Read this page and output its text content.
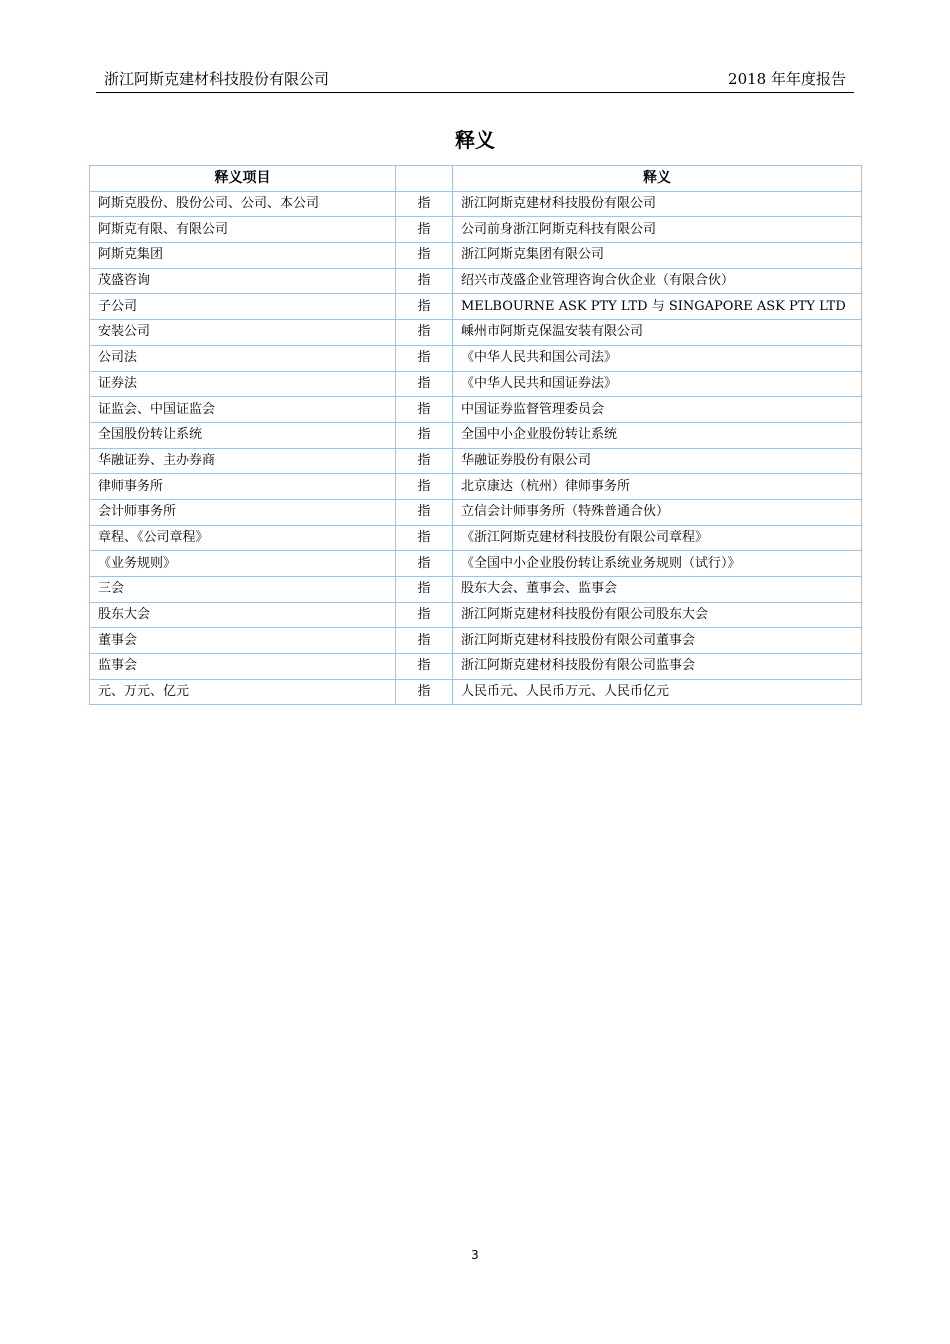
浙江阿斯克建材科技股份有限公司	2018 年年度报告
释义
释义项目		释义
阿斯克股份、股份公司、公司、本公司	指	浙江阿斯克建材科技股份有限公司
阿斯克有限、有限公司	指	公司前身浙江阿斯克科技有限公司
阿斯克集团	指	浙江阿斯克集团有限公司
茂盛咨询	指	绍兴市茂盛企业管理咨询合伙企业（有限合伙）
子公司	指	MELBOURNE ASK PTY LTD 与 SINGAPORE ASK PTY LTD
安装公司	指	嵊州市阿斯克保温安装有限公司
公司法	指	《中华人民共和国公司法》
证券法	指	《中华人民共和国证券法》
证监会、中国证监会	指	中国证券监督管理委员会
全国股份转让系统	指	全国中小企业股份转让系统
华融证券、主办券商	指	华融证券股份有限公司
律师事务所	指	北京康达（杭州）律师事务所
会计师事务所	指	立信会计师事务所（特殊普通合伙）
章程、《公司章程》	指	《浙江阿斯克建材科技股份有限公司章程》
《业务规则》	指	《全国中小企业股份转让系统业务规则（试行）》
三会	指	股东大会、董事会、监事会
股东大会	指	浙江阿斯克建材科技股份有限公司股东大会
董事会	指	浙江阿斯克建材科技股份有限公司董事会
监事会	指	浙江阿斯克建材科技股份有限公司监事会
元、万元、亿元	指	人民币元、人民币万元、人民币亿元
3
